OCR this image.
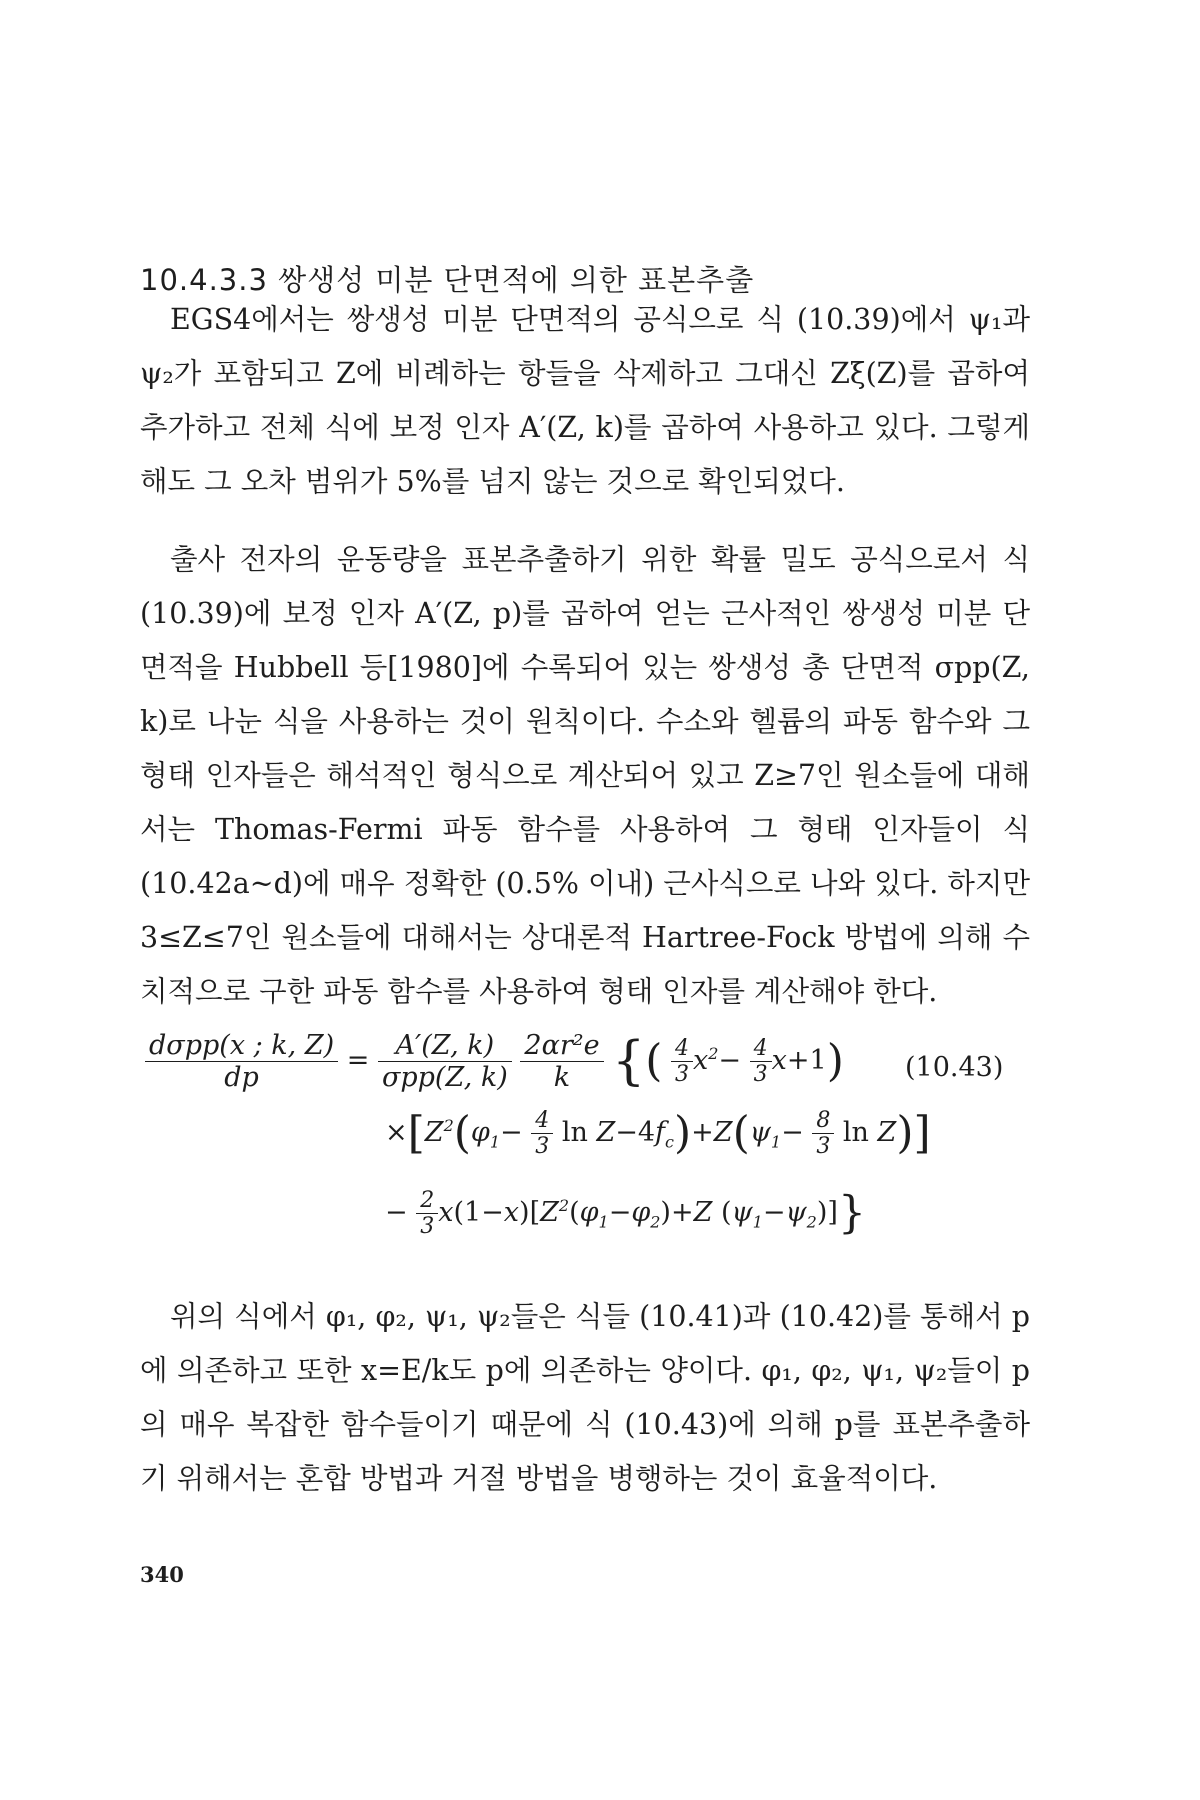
10.4.3.3 쌍생성 미분 단면적에 의한 표본추출

EGS4에서는 쌍생성 미분 단면적의 공식으로 식 (10.39)에서 ψ₁과 ψ₂가 포함되고 Z에 비례하는 항들을 삭제하고 그대신 Zξ(Z)를 곱하여 추가하고 전체 식에 보정 인자 A′(Z, k)를 곱하여 사용하고 있다. 그렇게 해도 그 오차 범위가 5%를 넘지 않는 것으로 확인되었다.

출사 전자의 운동량을 표본추출하기 위한 확률 밀도 공식으로서 식 (10.39)에 보정 인자 A′(Z, p)를 곱하여 얻는 근사적인 쌍생성 미분 단면적을 Hubbell 등[1980]에 수록되어 있는 쌍생성 총 단면적 σpp(Z, k)로 나눈 식을 사용하는 것이 원칙이다. 수소와 헬륨의 파동 함수와 그 형태 인자들은 해석적인 형식으로 계산되어 있고 Z≥7인 원소들에 대해서는 Thomas-Fermi 파동 함수를 사용하여 그 형태 인자들이 식 (10.42a~d)에 매우 정확한 (0.5% 이내) 근사식으로 나와 있다. 하지만 3≤Z≤7인 원소들에 대해서는 상대론적 Hartree-Fock 방법에 의해 수치적으로 구한 파동 함수를 사용하여 형태 인자를 계산해야 한다.

$\frac{\text{dσpp(x ; k, Z)}}{dp} = \frac{A'(Z, k)}{\text{σpp(Z, k)}}$
$\frac{\text{2αr²e}}{k}$ {( $\frac{4}{3} x^2- \frac{4}{3} x+1$) (10.43)
$\times[Z^2(\varphi_1- \frac{4}{3}$ $\ln Z-4f_c)+Z(\psi_1- \frac{8}{3}$ ln Z)]
− $\frac{2}{3} x(1-x)[Z^2(\varphi_1-\varphi_2)+Z$ $(\psi_1-\psi_2)$]}

위의 식에서 φ₁, φ₂, ψ₁, ψ₂들은 식들 (10.41)과 (10.42)를 통해서 p에 의존하고 또한 x=E/k도 p에 의존하는 양이다. φ₁, φ₂, ψ₁, ψ₂들이 p의 매우 복잡한 함수들이기 때문에 식 (10.43)에 의해 p를 표본추출하기 위해서는 혼합 방법과 거절 방법을 병행하는 것이 효율적이다.

340
